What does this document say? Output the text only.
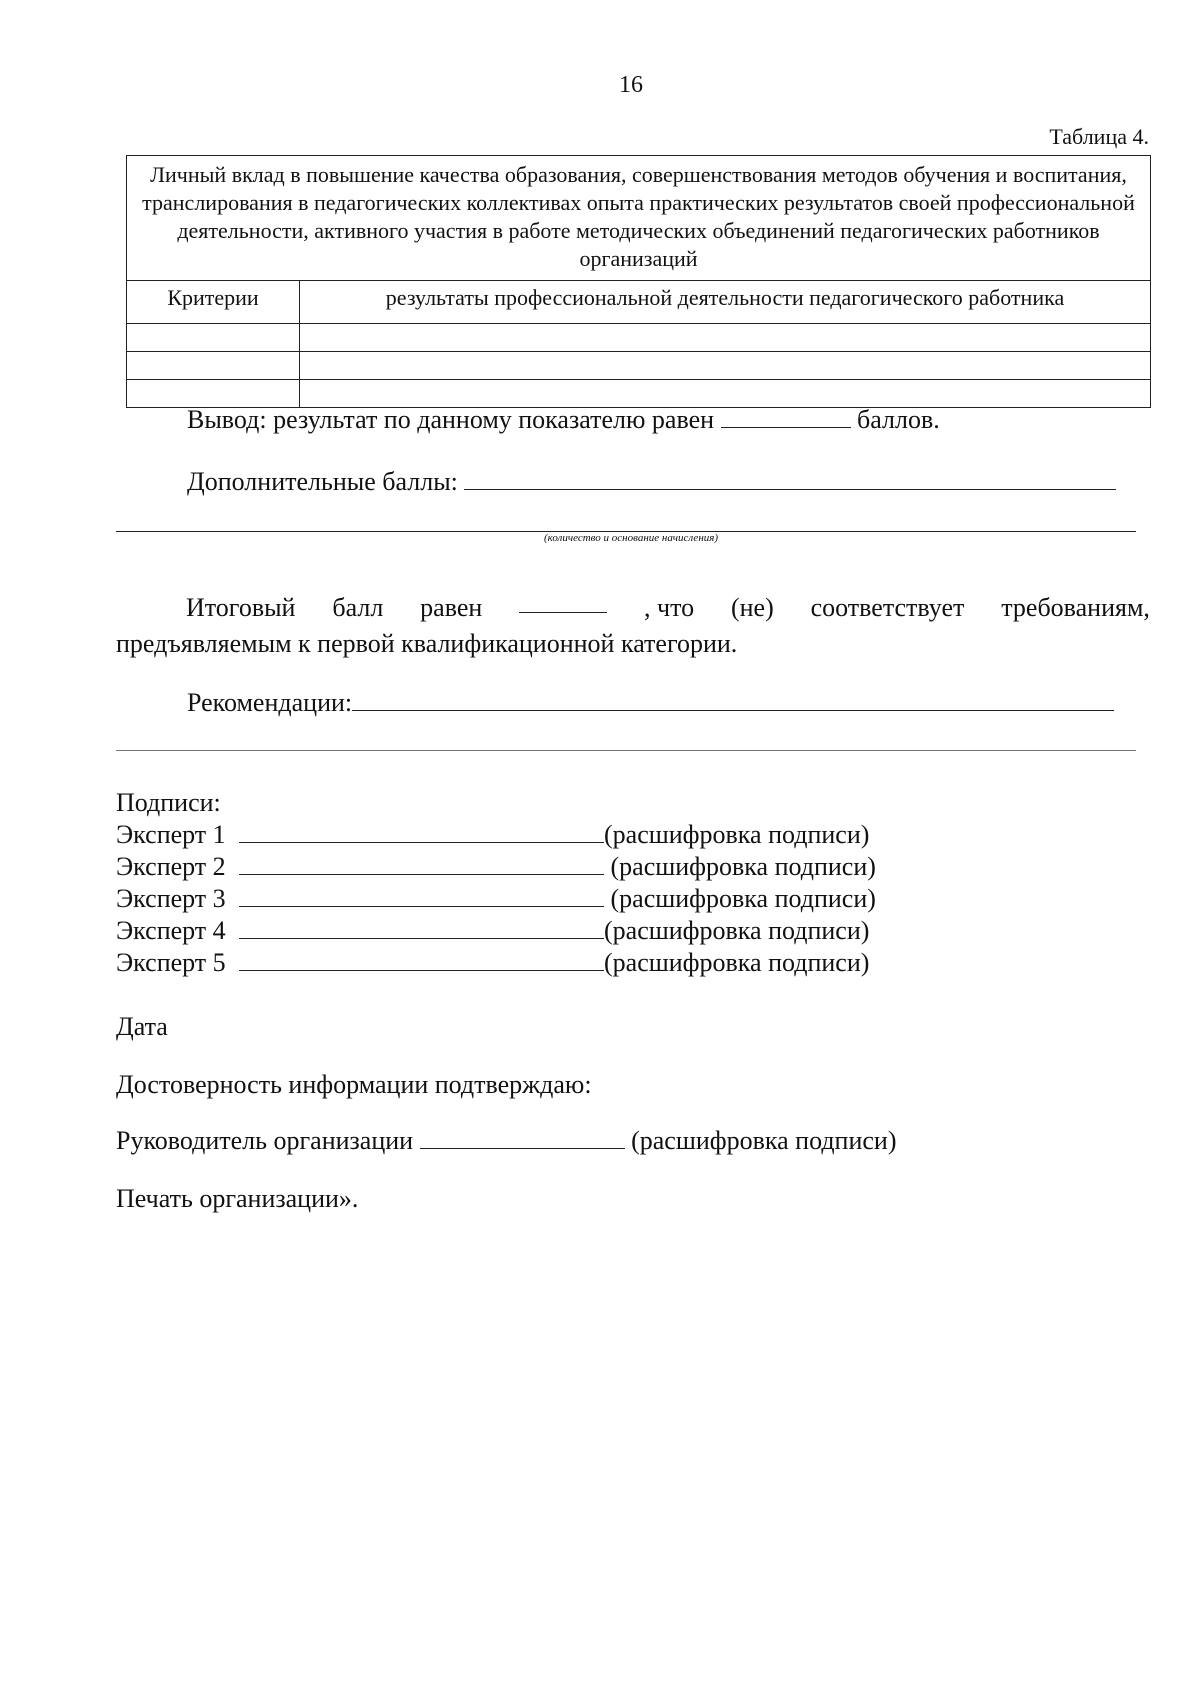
16
Таблица 4.
Личный вклад в повышение качества образования, совершенствования методов обучения и воспитания, транслирования в педагогических коллективах опыта практических результатов своей профессиональной деятельности, активного участия в работе методических объединений педагогических работников организаций	
Критерии	результаты профессиональной деятельности педагогического работника

Вывод: результат по данному показателю равен	баллов.
Дополнительные баллы:
(количество и основание начисления)
Итоговый балл равен	, что (не) соответствует требованиям,
предъявляемым к первой квалификационной категории.
Рекомендации:
Подписи:
Эксперт 1	(расшифровка подписи)
Эксперт 2	(расшифровка подписи)
Эксперт 3	(расшифровка подписи)
Эксперт 4	(расшифровка подписи)
Эксперт 5	(расшифровка подписи)
Дата
Достоверность информации подтверждаю:
Руководитель организации	(расшифровка подписи)
Печать организации».
